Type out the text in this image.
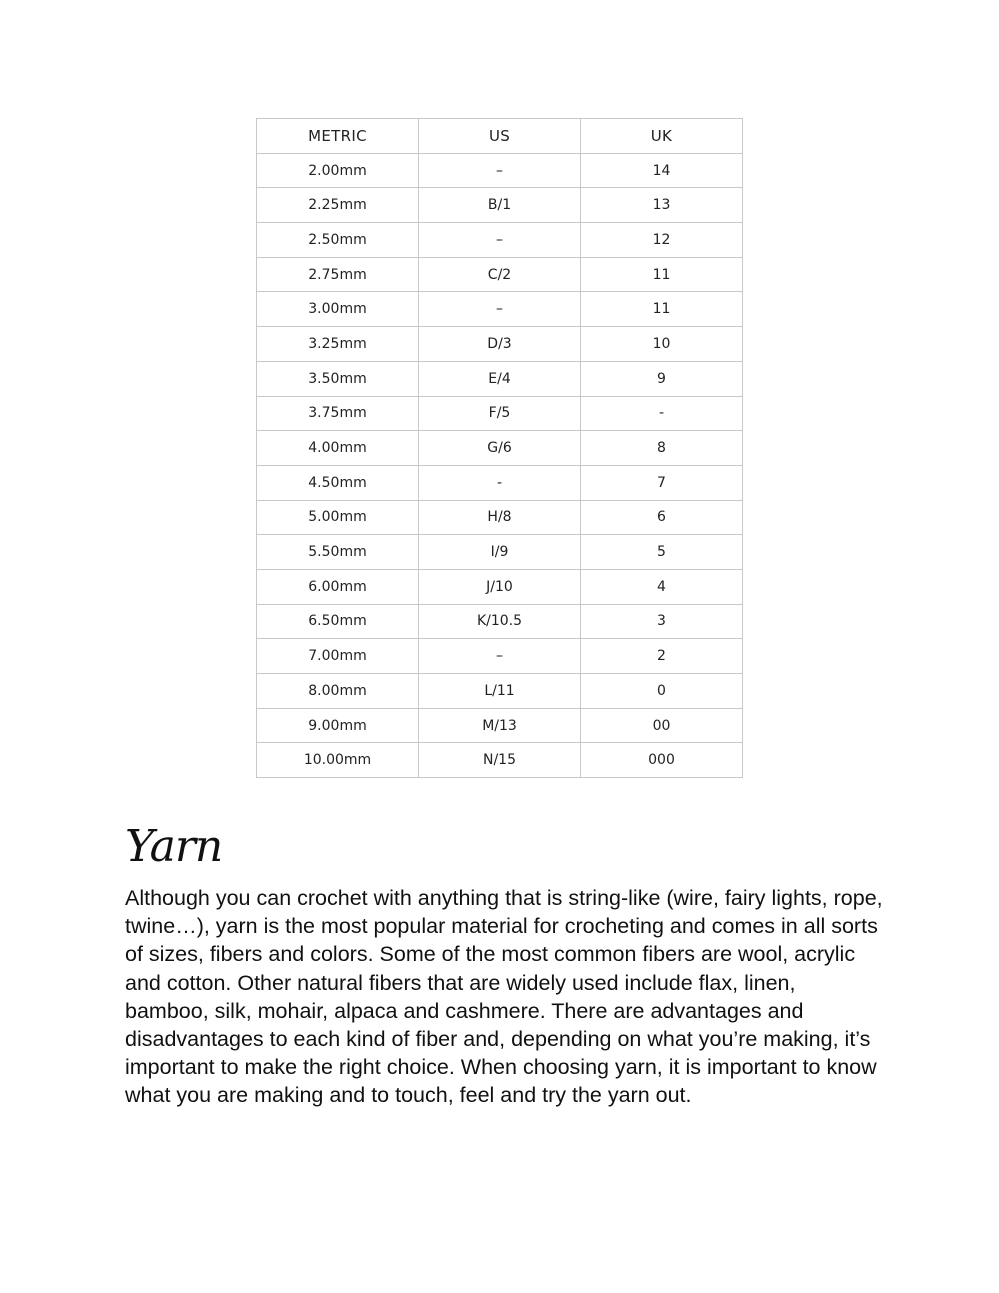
METRIC	US	UK
2.00mm	–	14
2.25mm	B/1	13
2.50mm	–	12
2.75mm	C/2	11
3.00mm	–	11
3.25mm	D/3	10
3.50mm	E/4	9
3.75mm	F/5	-
4.00mm	G/6	8
4.50mm	-	7
5.00mm	H/8	6
5.50mm	I/9	5
6.00mm	J/10	4
6.50mm	K/10.5	3
7.00mm	–	2
8.00mm	L/11	0
9.00mm	M/13	00
10.00mm	N/15	000
Yarn

Although you can crochet with anything that is string-like (wire, fairy lights, rope, twine…), yarn is the most popular material for crocheting and comes in all sorts of sizes, fibers and colors. Some of the most common fibers are wool, acrylic and cotton. Other natural fibers that are widely used include flax, linen, bamboo, silk, mohair, alpaca and cashmere. There are advantages and disadvantages to each kind of fiber and, depending on what you’re making, it’s important to make the right choice. When choosing yarn, it is important to know what you are making and to touch, feel and try the yarn out.
